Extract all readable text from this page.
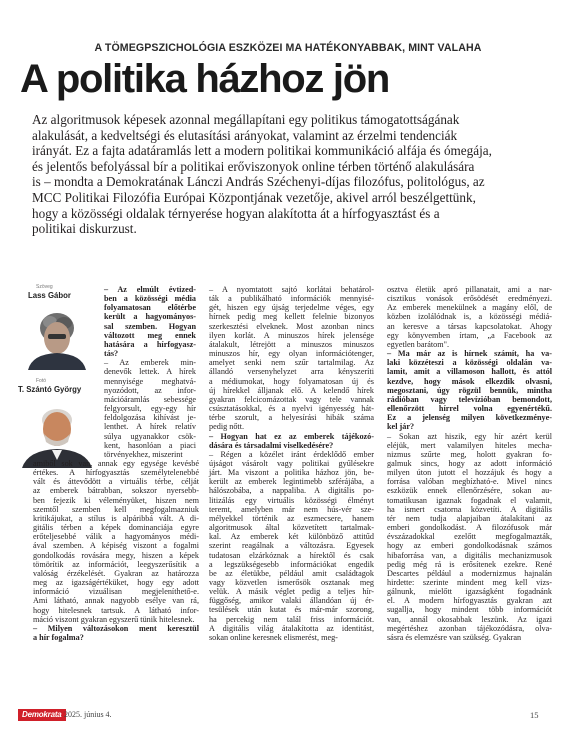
A TÖMEGPSZICHOLÓGIA ESZKÖZEI MA HATÉKONYABBAK, MINT VALAHA
A politika házhoz jön
Az algoritmusok képesek azonnal megállapítani egy politikus támogatottságának
alakulását, a kedveltségi és elutasítási arányokat, valamint az érzelmi tendenciák
irányát. Ez a fajta adatáramlás lett a modern politikai kommunikáció alfája és ómegája,
és jelentős befolyással bír a politikai erőviszonyok online térben történő alakulására
is – mondta a Demokratának Lánczi András Széchenyi-díjas filozófus, politológus, az
MCC Politikai Filozófia Európai Központjának vezetője, akivel arról beszélgettünk,
hogy a közösségi oldalak térnyerése hogyan alakította át a hírfogyasztást és a
politikai diskurzust.
Szöveg
Lass Gábor
Fotó
T. Szántó György
– Az elmúlt évtized-
ben a közösségi média
folyamatosan előtérbe
került a hagyományos-
sal szemben. Hogyan
változott meg ennek
hatására a hírfogyasz-
tás?
– Az emberek min-
denevők lettek. A hírek
mennyisége meghatvá-
nyozódott, az infor-
mációáramlás sebessége
felgyorsult, egy-egy hír
feldolgozása kihívást je-
lenthet. A hírek relatív
súlya ugyanakkor csök-
kent, hasonlóan a piaci
törvényekhez, miszerint
amiből sok van, annak egy egysége kevésbé
értékes. A hírfogyasztás személytelenebbé
vált és áttevődött a virtuális térbe, célját
az emberek bátrabban, sokszor nyersebb-
ben fejezik ki véleményüket, hiszen nem
szemtől szemben kell megfogalmazniuk
kritikájukat, a stílus is alpáribbá vált. A di-
gitális térben a képek dominanciája egyre
erőteljesebbé válik a hagyományos médi-
ával szemben. A képiség viszont a fogalmi
gondolkodás rovására megy, hiszen a képek
tömörítik az információt, leegyszerűsítik a
valóság érzékelését. Gyakran az határozza
meg az igazságértéküket, hogy egy adott
információ vizuálisan megjeleníthető-e.
Ami látható, annak nagyobb esélye van rá,
hogy hitelesnek tartsuk. A látható infor-
máció viszont gyakran egyszerű tünik hitelesnek.
– Milyen változásokon ment keresztül
a hír fogalma?
– A nyomtatott sajtó korlátai behatárol-
ták a publikálható információk mennyisé-
gét, hiszen egy újság terjedelme véges, egy
hírnek pedig meg kellett felelnie bizonyos
szerkesztési elveknek. Most azonban nincs
ilyen korlát. A minuszos hírek jelensége
átalakult, létrejött a minuszos minuszos
minuszos hír, egy olyan információtenger,
amelyet senki nem szűr tartalmilag. Az
állandó versenyhelyzet arra kényszeríti
a médiumokat, hogy folyamatosan új és
új hírekkel álljanak elő. A kelendő hírek
gyakran felcicomázottak vagy tele vannak
csúsztatásokkal, és a nyelvi igényesség hát-
térbe szorult, a helyesírási hibák száma
pedig nőtt.
– Hogyan hat ez az emberek tájékozó-
dására és társadalmi viselkedésére?
– Régen a közélet iránt érdeklődő ember
újságot vásárolt vagy politikai gyűlésekre
járt. Ma viszont a politika házhoz jön, be-
került az emberek legintimebb szférájába, a
hálószobába, a nappaliba. A digitális po-
litizálás egy virtuális közösségi élményt
teremt, amelyben már nem hús-vér sze-
mélyekkel történik az eszmecsere, hanem
algoritmusok által közvetített tartalmak-
kal. Az emberek két különböző attitűd
szerint reagálnak a változásra. Egyesek
tudatosan elzárkóznak a hírektől és csak
a legszükségesebb információkat engedik
be az életükbe, például amit családtagok
vagy közvetlen ismerősök osztanak meg
velük. A másik véglet pedig a teljes hír-
függőség, amikor valaki állandóan új ér-
tesülések után kutat és már-már szorong,
ha percekig nem talál friss információt.
A digitális világ átalakította az identitást,
sokan online keresnek elismerést, meg-
osztva életük apró pillanatait, ami a nar-
cisztikus vonások erősödését eredményezi.
Az emberek menekülnek a magány elől, de
közben izolálódnak is, a közösségi médiá-
an keresve a társas kapcsolatokat. Ahogy
egy könyvemben írtam, „a Facebook az
egyetlen barátom".
– Ma már az is hírnek számít, ha va-
laki közzéteszi a közösségi oldalán va-
lamit, amit a villamoson hallott, és attól
kezdve, hogy mások elkezdik olvasni,
megosztani, úgy rögzül bennük, mintha
rádióban vagy televízióban bemondott,
ellenőrzött hírrel volna egyenértékű.
Ez a jelenség milyen következménye-
kel jár?
– Sokan azt hiszik, egy hír azért kerül
eléjük, mert valamilyen hiteles mecha-
nizmus szűrte meg, holott gyakran fo-
galmuk sincs, hogy az adott információ
milyen úton jutott el hozzájuk és hogy a
forrása valóban megbízható-e. Mivel nincs
eszközük ennek ellenőrzésére, sokan au-
tomatikusan igaznak fogadnak el valamit,
ha ismert csatorna közvetíti. A digitális
tér nem tudja alapjaiban átalakítani az
emberi gondolkodást. A filozófusok már
évszázadokkal ezelőtt megfogalmazták,
hogy az emberi gondolkodásnak számos
hibaforrása van, a digitális mechanizmusok
pedig még rá is erősítenek ezekre. René
Descartes például a modernizmus hajnalán
hirdette: szerinte mindent meg kell vizs-
gálnunk, mielőtt igazságként fogadnánk
el. A modern hírfogyasztás gyakran azt
sugallja, hogy mindent több információt
van, annál okosabbak leszünk. Az igazi
megértéshez azonban tájékozódásra, olva-
sásra és elemzésre van szükség. Gyakran
Demokrata 2025. június 4.	15
